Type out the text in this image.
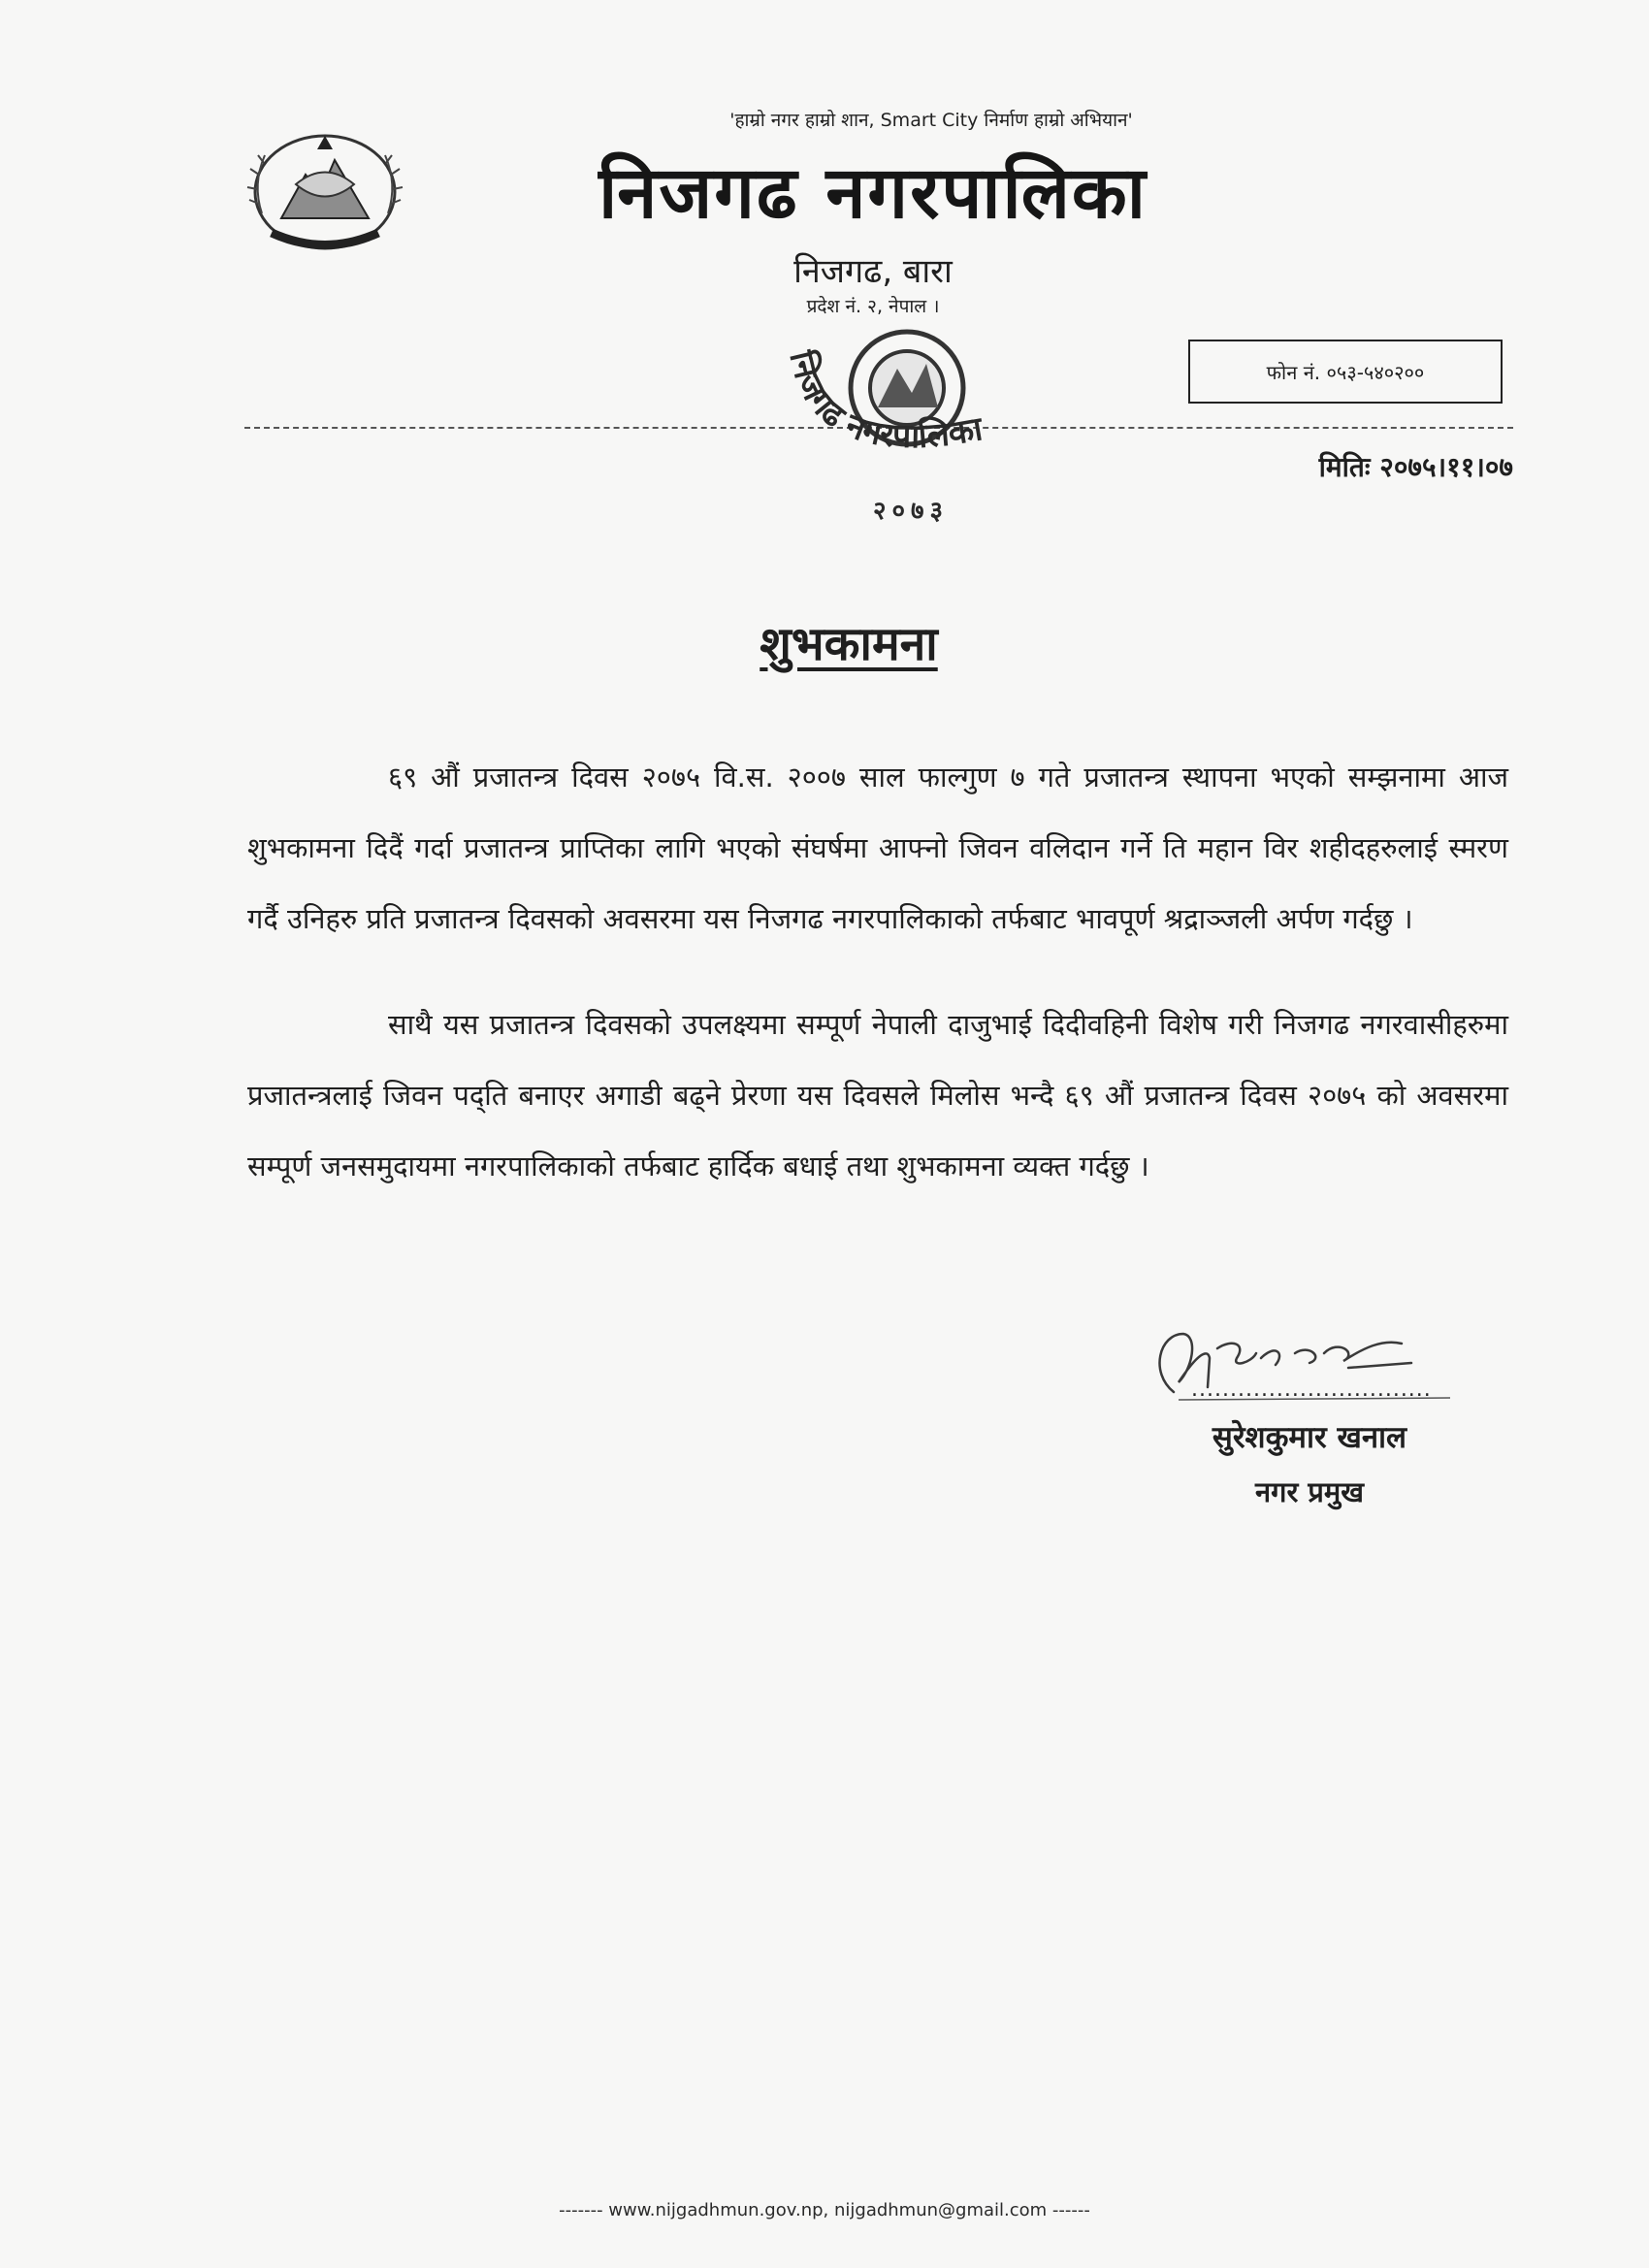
'हाम्रो नगर हाम्रो शान, Smart City निर्माण हाम्रो अभियान'
निजगढ नगरपालिका
निजगढ, बारा
प्रदेश नं. २, नेपाल ।
फोन नं. ०५३-५४०२००
निजगढ नगरपालिका
२०७३
मितिः २०७५।११।०७
शुभकामना

६९ औं प्रजातन्त्र दिवस २०७५ वि.स. २००७ साल फाल्गुण ७ गते प्रजातन्त्र स्थापना भएको सम्झनामा आज शुभकामना दिदैं गर्दा प्रजातन्त्र प्राप्तिका लागि भएको संघर्षमा आफ्नो जिवन वलिदान गर्ने ति महान विर शहीदहरुलाई स्मरण गर्दै उनिहरु प्रति प्रजातन्त्र दिवसको अवसरमा यस निजगढ नगरपालिकाको तर्फबाट भावपूर्ण श्रद्राञ्जली अर्पण गर्दछु ।

साथै यस प्रजातन्त्र दिवसको उपलक्ष्यमा सम्पूर्ण नेपाली दाजुभाई दिदीवहिनी विशेष गरी निजगढ नगरवासीहरुमा प्रजातन्त्रलाई जिवन पद्ति बनाएर अगाडी बढ्ने प्रेरणा यस दिवसले मिलोस भन्दै ६९ औं प्रजातन्त्र दिवस २०७५ को अवसरमा सम्पूर्ण जनसमुदायमा नगरपालिकाको तर्फबाट हार्दिक बधाई तथा शुभकामना व्यक्त गर्दछु ।

...............................
सुरेशकुमार खनाल
नगर प्रमुख
------- www.nijgadhmun.gov.np, nijgadhmun@gmail.com ------
